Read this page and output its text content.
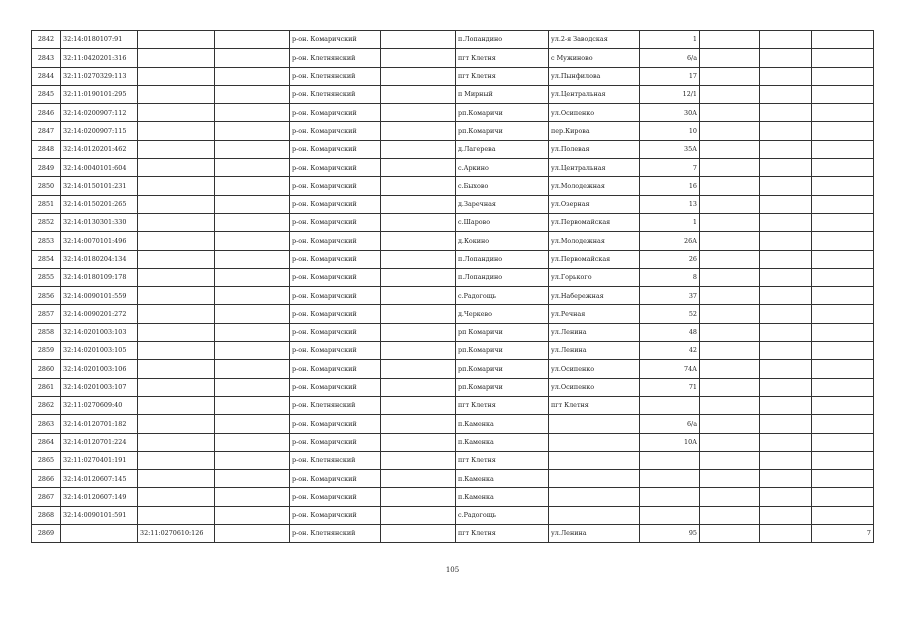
2842	32:14:0180107:91			р-он. Комаричский		п.Лопандино	ул.2-я Заводская	1			
2843	32:11:0420201:316			р-он. Клетнянский		пгт Клетня	с Мужиново	6/а			
2844	32:11:0270329:113			р-он. Клетнянский		пгт Клетня	ул.Пынфилова	17			
2845	32:11:0190101:295			р-он. Клетнянский		п Мирный	ул.Центральная	12/1			
2846	32:14:0200907:112			р-он. Комаричский		рп.Комаричи	ул.Осипенко	30А			
2847	32:14:0200907:115			р-он. Комаричский		рп.Комаричи	пер.Кирова	10			
2848	32:14:0120201:462			р-он. Комаричский		д.Лагерева	ул.Полевая	35А			
2849	32:14:0040101:604			р-он. Комаричский		с.Аркино	ул.Центральная	7			
2850	32:14:0150101:231			р-он. Комаричский		с.Быхово	ул.Молодежная	16			
2851	32:14:0150201:265			р-он. Комаричский		д.Заречная	ул.Озерная	13			
2852	32:14:0130301:330			р-он. Комаричский		с.Шарово	ул.Первомайская	1			
2853	32:14:0070101:496			р-он. Комаричский		д.Кокино	ул.Молодежная	26А			
2854	32:14:0180204:134			р-он. Комаричский		п.Лопандино	ул.Первомайская	26			
2855	32:14:0180109:178			р-он. Комаричский		п.Лопандино	ул.Горького	8			
2856	32:14:0090101:559			р-он. Комаричский		с.Радогощь	ул.Набережная	37			
2857	32:14:0090201:272			р-он. Комаричский		д.Черкево	ул.Речная	52			
2858	32:14:0201003:103			р-он. Комаричский		рп Комаричи	ул.Ленина	48			
2859	32:14:0201003:105			р-он. Комаричский		рп.Комаричи	ул.Ленина	42			
2860	32:14:0201003:106			р-он. Комаричский		рп.Комаричи	ул.Осипенко	74А			
2861	32:14:0201003:107			р-он. Комаричский		рп.Комаричи	ул.Осипенко	71			
2862	32:11:0270609:40			р-он. Клетнянский		пгт Клетня	пгт Клетня				
2863	32:14:0120701:182			р-он. Комаричский		п.Каменка		6/а			
2864	32:14:0120701:224			р-он. Комаричский		п.Каменка		10А			
2865	32:11:0270401:191			р-он. Клетнянский		пгт Клетня					
2866	32:14:0120607:145			р-он. Комаричский		п.Каменка					
2867	32:14:0120607:149			р-он. Комаричский		п.Каменка					
2868	32:14:0090101:591			р-он. Комаричский		с.Радогощь					
2869		32:11:0270610:126		р-он. Клетнянский		пгт Клетня	ул.Ленина	95			7
105
